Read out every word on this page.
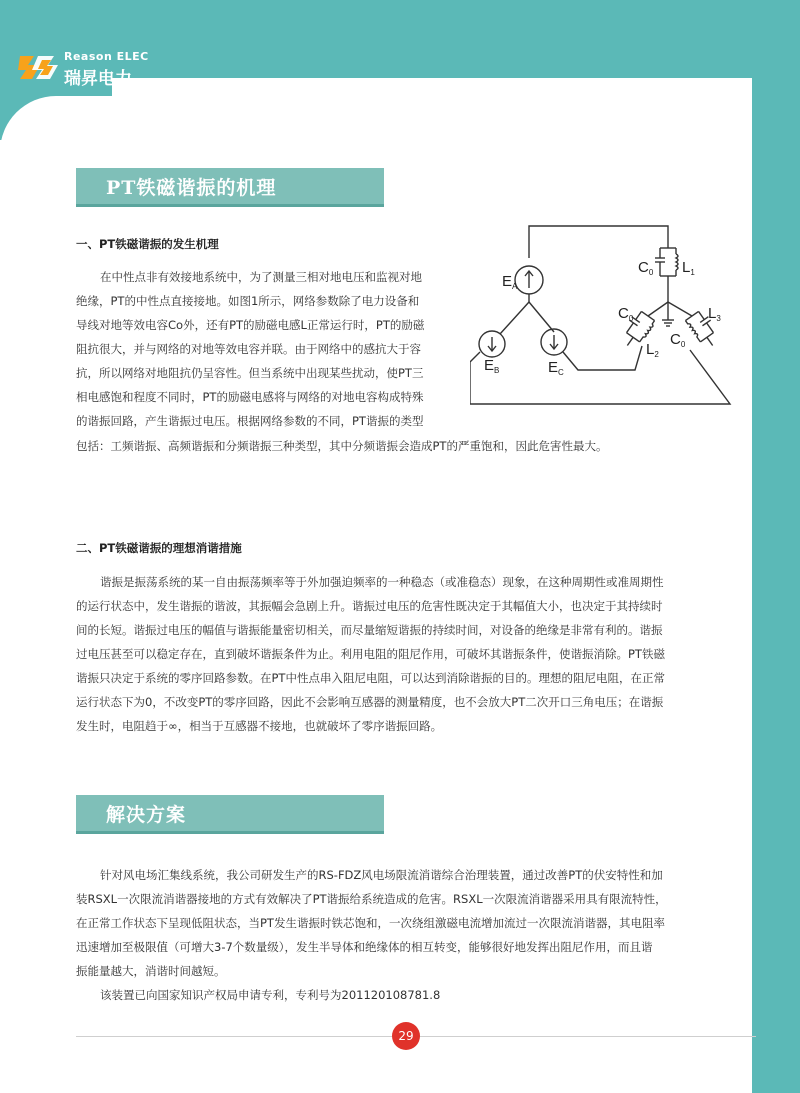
Reason ELEC
瑞昇电力
PT铁磁谐振的机理
一、PT铁磁谐振的发生机理

在中性点非有效接地系统中，为了测量三相对地电压和监视对地

绝缘，PT的中性点直接接地。如图1所示，网络参数除了电力设备和

导线对地等效电容Co外，还有PT的励磁电感L正常运行时，PT的励磁

阻抗很大，并与网络的对地等效电容并联。由于网络中的感抗大于容

抗，所以网络对地阻抗仍呈容性。但当系统中出现某些扰动，使PT三

相电感饱和程度不同时，PT的励磁电感将与网络的对地电容构成特殊

的谐振回路，产生谐振过电压。根据网络参数的不同，PT谐振的类型

包括：工频谐振、高频谐振和分频谐振三种类型，其中分频谐振会造成PT的严重饱和，因此危害性最大。

$E_A$
$E_B$	$E_C$
$C_0$ $L_1$
$C_0$	$L_3$
$L_2$
$C_0$
二、PT铁磁谐振的理想消谐措施

谐振是振荡系统的某一自由振荡频率等于外加强迫频率的一种稳态（或准稳态）现象，在这种周期性或准周期性

的运行状态中，发生谐振的谐波，其振幅会急剧上升。谐振过电压的危害性既决定于其幅值大小，也决定于其持续时

间的长短。谐振过电压的幅值与谐振能量密切相关，而尽量缩短谐振的持续时间，对设备的绝缘是非常有利的。谐振

过电压甚至可以稳定存在，直到破坏谐振条件为止。利用电阻的阻尼作用，可破坏其谐振条件，使谐振消除。PT铁磁

谐振只决定于系统的零序回路参数。在PT中性点串入阻尼电阻，可以达到消除谐振的目的。理想的阻尼电阻，在正常

运行状态下为0，不改变PT的零序回路，因此不会影响互感器的测量精度，也不会放大PT二次开口三角电压；在谐振

发生时，电阻趋于∞，相当于互感器不接地，也就破坏了零序谐振回路。

解决方案

针对风电场汇集线系统，我公司研发生产的RS-FDZ风电场限流消谐综合治理装置，通过改善PT的伏安特性和加

装RSXL一次限流消谐器接地的方式有效解决了PT谐振给系统造成的危害。RSXL一次限流消谐器采用具有限流特性，

在正常工作状态下呈现低阻状态，当PT发生谐振时铁芯饱和，一次绕组激磁电流增加流过一次限流消谐器，其电阻率

迅速增加至极限值（可增大3-7个数量级），发生半导体和绝缘体的相互转变，能够很好地发挥出阻尼作用，而且谐

振能量越大，消谐时间越短。

该装置已向国家知识产权局申请专利，专利号为201120108781.8

29
